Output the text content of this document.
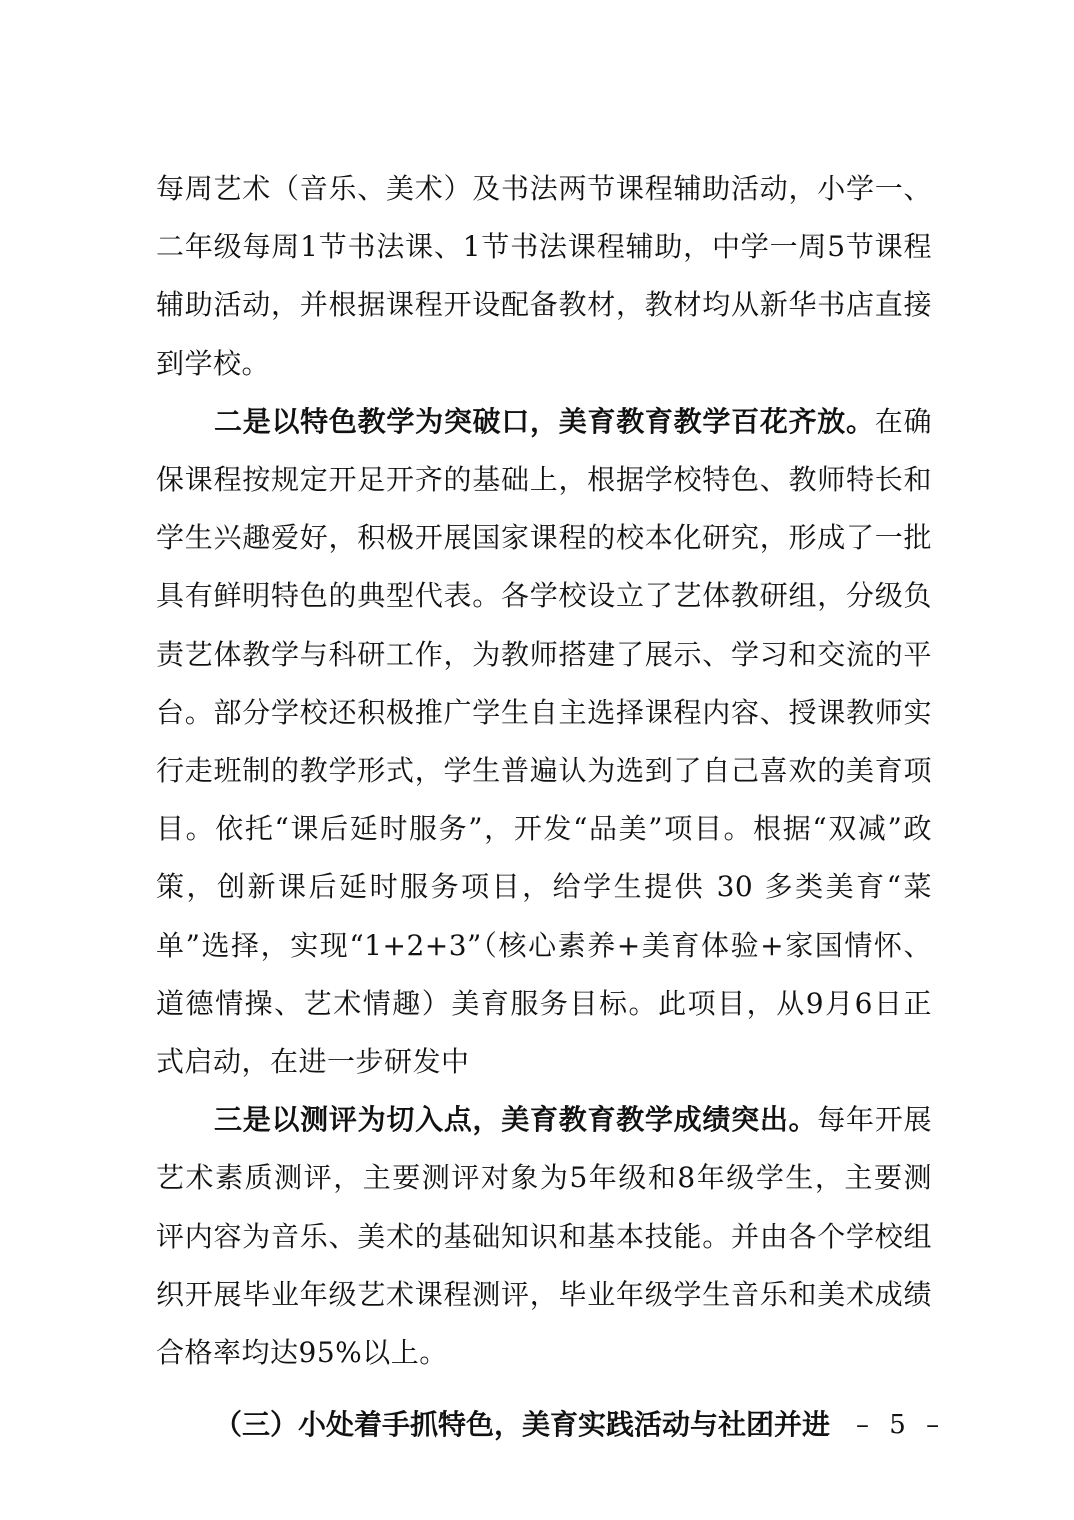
每周艺术（音乐、美术）及书法两节课程辅助活动，小学一、二年级每周1节书法课、1节书法课程辅助，中学一周5节课程辅助活动，并根据课程开设配备教材，教材均从新华书店直接到学校。

二是以特色教学为突破口，美育教育教学百花齐放。在确保课程按规定开足开齐的基础上，根据学校特色、教师特长和学生兴趣爱好，积极开展国家课程的校本化研究，形成了一批具有鲜明特色的典型代表。各学校设立了艺体教研组，分级负责艺体教学与科研工作，为教师搭建了展示、学习和交流的平台。部分学校还积极推广学生自主选择课程内容、授课教师实行走班制的教学形式，学生普遍认为选到了自己喜欢的美育项目。依托“课后延时服务”，开发“品美”项目。根据“双减”政策，创新课后延时服务项目，给学生提供 30 多类美育“菜单”选择，实现“1+2+3”（核心素养+美育体验+家国情怀、道德情操、艺术情趣）美育服务目标。此项目，从9月6日正式启动，在进一步研发中

三是以测评为切入点，美育教育教学成绩突出。每年开展艺术素质测评，主要测评对象为5年级和8年级学生，主要测评内容为音乐、美术的基础知识和基本技能。并由各个学校组织开展毕业年级艺术课程测评，毕业年级学生音乐和美术成绩合格率均达95%以上。

（三）小处着手抓特色，美育实践活动与社团并进 – 5 –
